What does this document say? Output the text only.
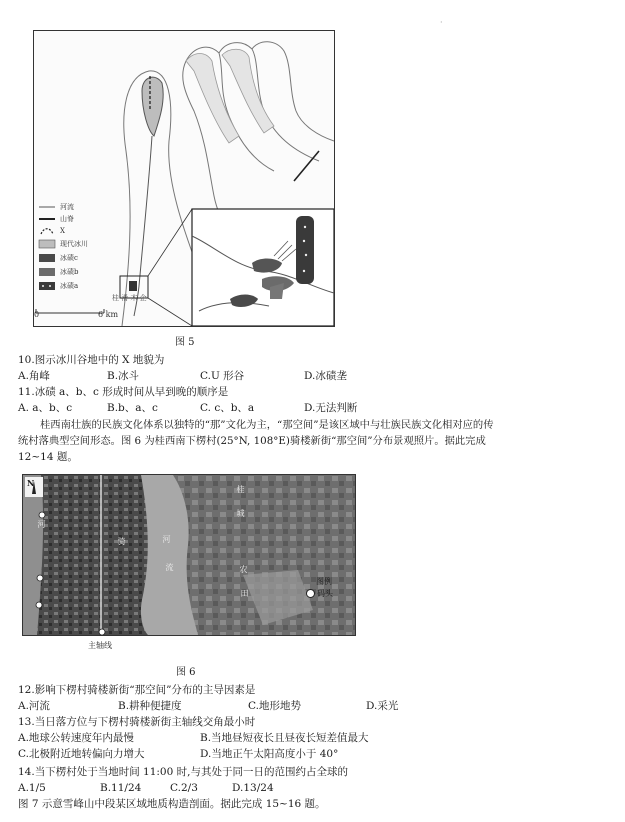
·
河流
山脊
X
现代冰川
冰碛c
冰碛b
冰碛a
0	6 km
桂 滑 木 企
图 5
10.图示冰川谷地中的 X 地貌为
A.角峰	B.冰斗	C.U 形谷	D.冰碛垄
11.冰碛 a、b、c 形成时间从早到晚的顺序是
A. a、b、c	B.b、a、c	C. c、b、a	D.无法判断
桂西南壮族的民族文化体系以独特的“那”文化为主，“那空间”是该区域中与壮族民族文化相对应的传
统村落典型空间形态。图 6 为桂西南下楞村(25°N, 108°E)骑楼新街“那空间”分布景观照片。据此完成
12~14 题。
N
河
骑	河
流
桂
城
农
田
图例
码头
主轴线
图 6
12.影响下楞村骑楼新街“那空间”分布的主导因素是
A.河流	B.耕种便捷度	C.地形地势	D.采光
13.当日落方位与下楞村骑楼新街主轴线交角最小时
A.地球公转速度年内最慢	B.当地昼短夜长且昼夜长短差值最大
C.北极附近地转偏向力增大	D.当地正午太阳高度小于 40°
14.当下楞村处于当地时间 11:00 时,与其处于同一日的范围约占全球的
A.1/5	B.11/24	C.2/3	D.13/24
图 7 示意雪峰山中段某区域地质构造剖面。据此完成 15~16 题。
